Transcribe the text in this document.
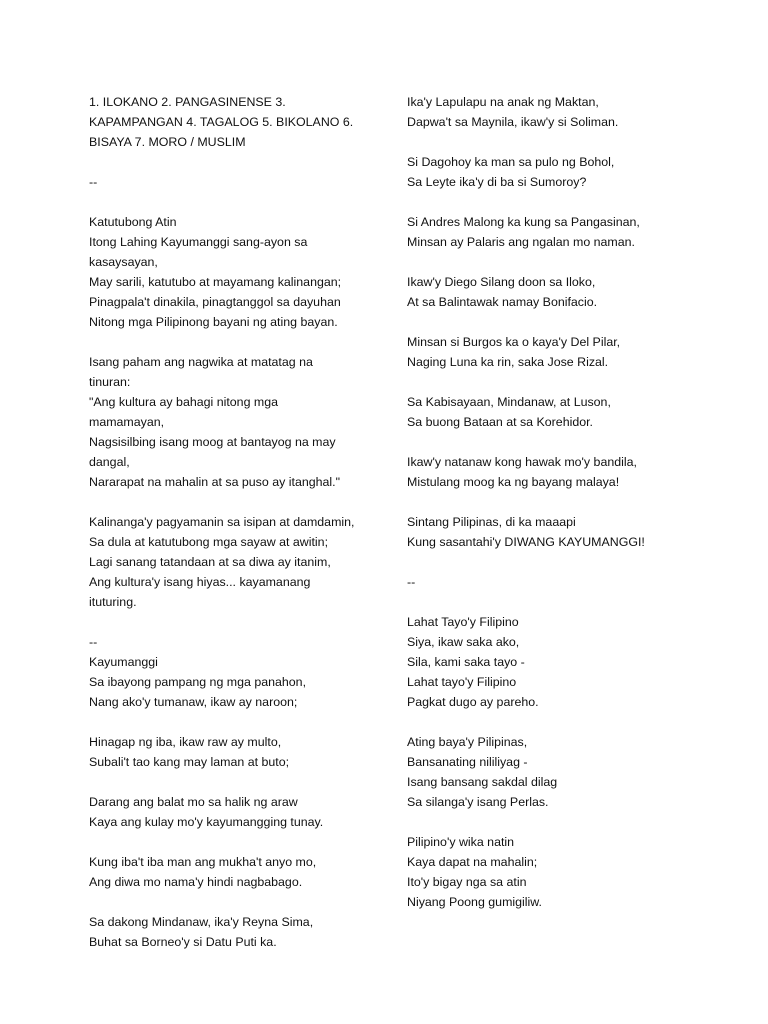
1. ILOKANO 2. PANGASINENSE 3.
KAPAMPANGAN 4. TAGALOG 5. BIKOLANO 6.
BISAYA 7. MORO / MUSLIM
--
Katutubong Atin
Itong Lahing Kayumanggi sang-ayon sa
kasaysayan,
May sarili, katutubo at mayamang kalinangan;
Pinagpala't dinakila, pinagtanggol sa dayuhan
Nitong mga Pilipinong bayani ng ating bayan.
Isang paham ang nagwika at matatag na
tinuran:
"Ang kultura ay bahagi nitong mga
mamamayan,
Nagsisilbing isang moog at bantayog na may
dangal,
Nararapat na mahalin at sa puso ay itanghal."
Kalinanga'y pagyamanin sa isipan at damdamin,
Sa dula at katutubong mga sayaw at awitin;
Lagi sanang tatandaan at sa diwa ay itanim,
Ang kultura'y isang hiyas... kayamanang
ituturing.
--
Kayumanggi
Sa ibayong pampang ng mga panahon,
Nang ako'y tumanaw, ikaw ay naroon;
Hinagap ng iba, ikaw raw ay multo,
Subali't tao kang may laman at buto;
Darang ang balat mo sa halik ng araw
Kaya ang kulay mo'y kayumangging tunay.
Kung iba't iba man ang mukha't anyo mo,
Ang diwa mo nama'y hindi nagbabago.
Sa dakong Mindanaw, ika'y Reyna Sima,
Buhat sa Borneo'y si Datu Puti ka.
Ika'y Lapulapu na anak ng Maktan,
Dapwa't sa Maynila, ikaw'y si Soliman.
Si Dagohoy ka man sa pulo ng Bohol,
Sa Leyte ika'y di ba si Sumoroy?
Si Andres Malong ka kung sa Pangasinan,
Minsan ay Palaris ang ngalan mo naman.
Ikaw'y Diego Silang doon sa Iloko,
At sa Balintawak namay Bonifacio.
Minsan si Burgos ka o kaya'y Del Pilar,
Naging Luna ka rin, saka Jose Rizal.
Sa Kabisayaan, Mindanaw, at Luson,
Sa buong Bataan at sa Korehidor.
Ikaw'y natanaw kong hawak mo'y bandila,
Mistulang moog ka ng bayang malaya!
Sintang Pilipinas, di ka maaapi
Kung sasantahi'y DIWANG KAYUMANGGI!
--
Lahat Tayo'y Filipino
Siya, ikaw saka ako,
Sila, kami saka tayo -
Lahat tayo'y Filipino
Pagkat dugo ay pareho.
Ating baya'y Pilipinas,
Bansanating nililiyag -
Isang bansang sakdal dilag
Sa silanga'y isang Perlas.
Pilipino'y wika natin
Kaya dapat na mahalin;
Ito'y bigay nga sa atin
Niyang Poong gumigiliw.
